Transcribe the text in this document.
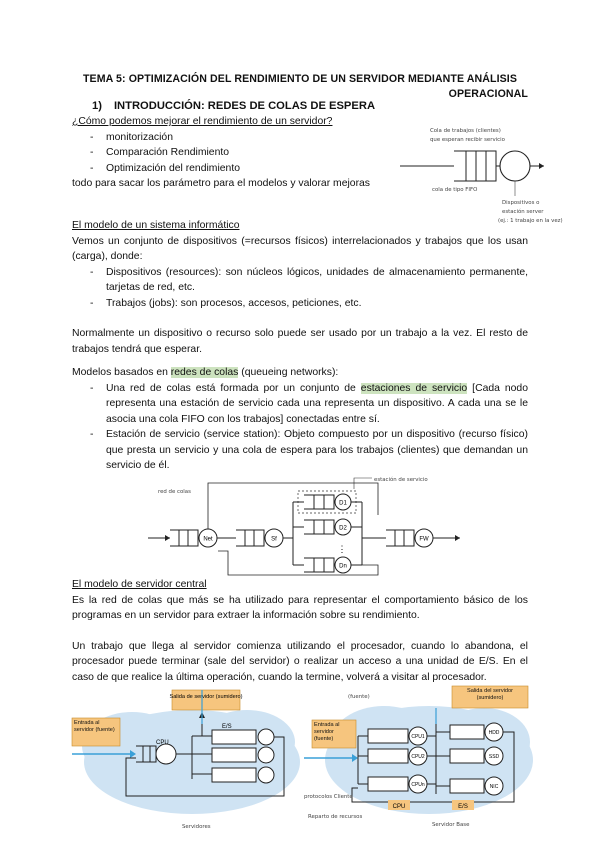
TEMA 5: OPTIMIZACIÓN DEL RENDIMIENTO DE UN SERVIDOR MEDIANTE ANÁLISIS
OPERACIONAL
1) INTRODUCCIÓN: REDES DE COLAS DE ESPERA
¿Cómo podemos mejorar el rendimiento de un servidor?
- monitorización
- Comparación Rendimiento
- Optimización del rendimiento
todo para sacar los parámetro para el modelos y valorar mejoras
Cola de trabajos (clientes)
que esperan recibir servicio
cola de tipo FIFO
Dispositivos o
estación server
(ej.: 1 trabajo en la vez)
El modelo de un sistema informático
Vemos un conjunto de dispositivos (=recursos físicos) interrelacionados y trabajos que los usan (carga), donde:
- Dispositivos (resources): son núcleos lógicos, unidades de almacenamiento permanente, tarjetas de red, etc.
- Trabajos (jobs): son procesos, accesos, peticiones, etc.
Normalmente un dispositivo o recurso solo puede ser usado por un trabajo a la vez. El resto de trabajos tendrá que esperar.
Modelos basados en redes de colas (queueing networks):
- Una red de colas está formada por un conjunto de estaciones de servicio [Cada nodo representa una estación de servicio cada una representa un dispositivo. A cada una se le asocia una cola FIFO con los trabajos] conectadas entre sí.
- Estación de servicio (service station): Objeto compuesto por un dispositivo (recurso físico) que presta un servicio y una cola de espera para los trabajos (clientes) que demandan un servicio de él.
red de colas
estación de servicio
Net	Sf
D1
D2
⋮
Dn
FW
El modelo de servidor central
Es la red de colas que más se ha utilizado para representar el comportamiento básico de los programas en un servidor para extraer la información sobre su rendimiento.
Un trabajo que llega al servidor comienza utilizando el procesador, cuando lo abandona, el procesador puede terminar (sale del servidor) o realizar un acceso a una unidad de E/S. En el caso de que realice la última operación, cuando la termine, volverá a visitar al procesador.
Salida de servidor (sumidero)
Entrada al servidor (fuente)
CPU
E/S
Servidores
Salida del servidor (sumidero)
Entrada al servidor (fuente)	CPU1
CPU2
CPUn
HDD
SSD
NIC
CPU	E/S
protocolos Cliente
Reparto de recursos
Servidor Base
(fuente)
